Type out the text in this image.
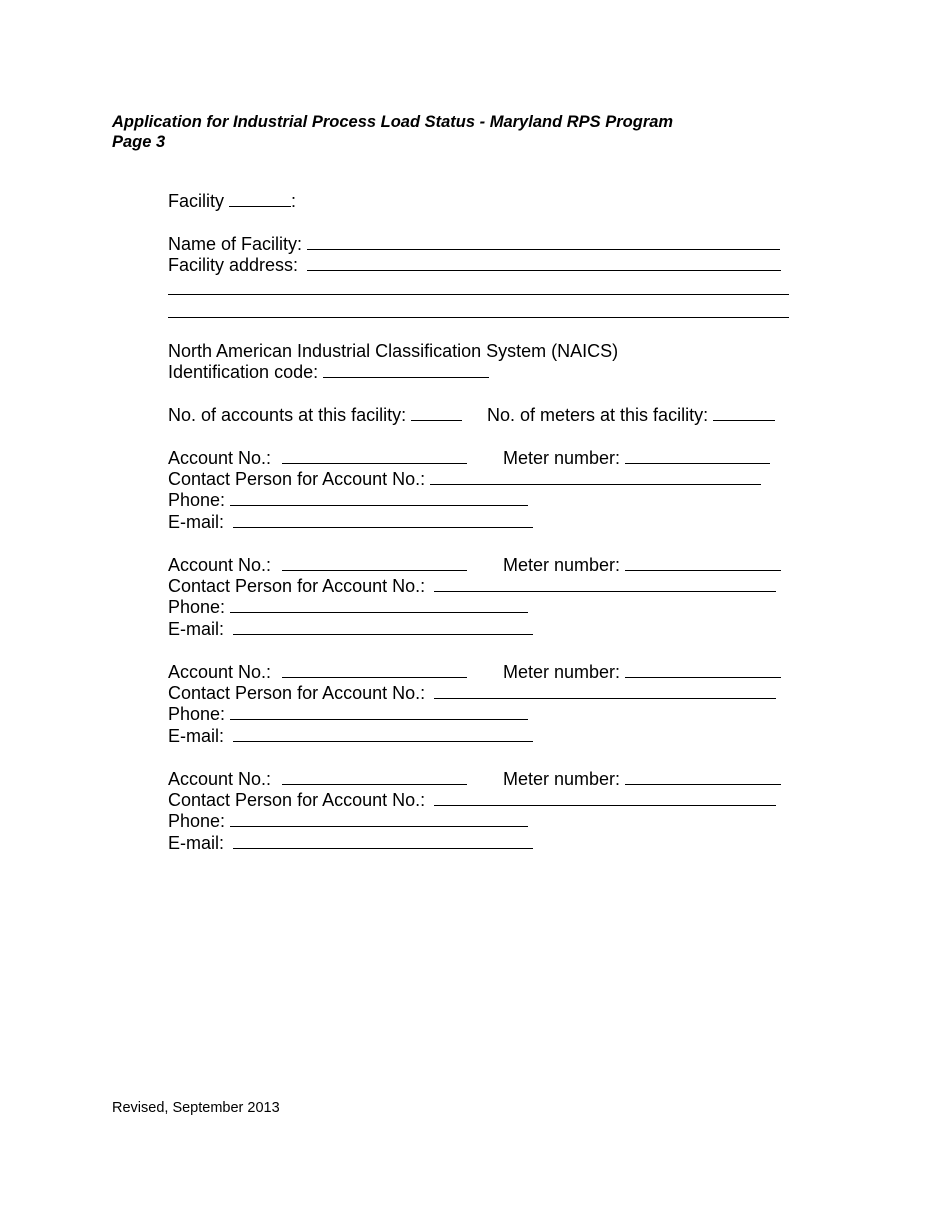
Application for Industrial Process Load Status - Maryland RPS Program
Page 3
Facility	:
Name of Facility:
Facility address:
North American Industrial Classification System (NAICS)
Identification code:
No. of accounts at this facility:	No. of meters at this facility:
Account No.:	Meter number:
Contact Person for Account No.:
Phone:
E-mail:
Account No.:	Meter number:
Contact Person for Account No.:
Phone:
E-mail:
Account No.:	Meter number:
Contact Person for Account No.:
Phone:
E-mail:
Account No.:	Meter number:
Contact Person for Account No.:
Phone:
E-mail:
Revised, September 2013
